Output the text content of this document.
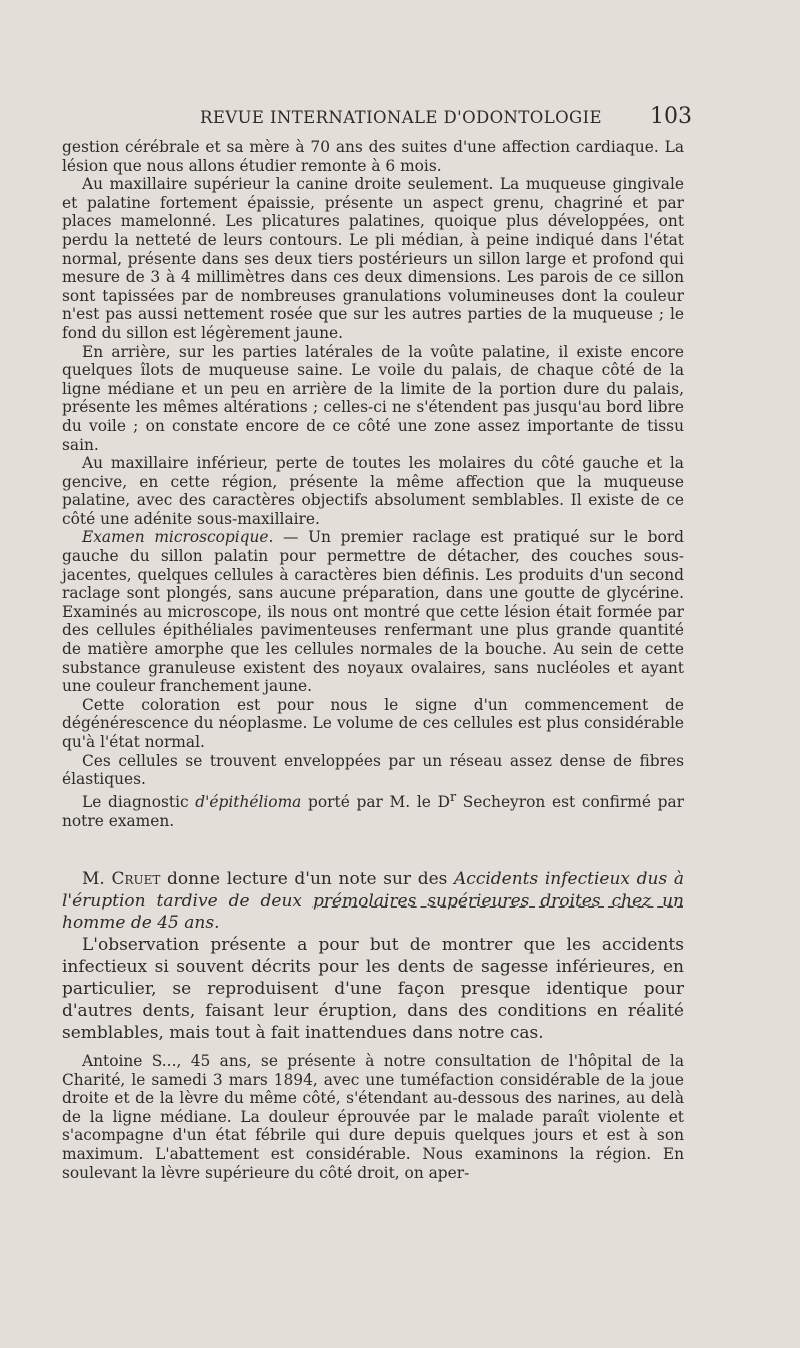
REVUE INTERNATIONALE D'ODONTOLOGIE 103

gestion cérébrale et sa mère à 70 ans des suites d'une affection cardiaque. La lésion que nous allons étudier remonte à 6 mois.

Au maxillaire supérieur la canine droite seulement. La muqueuse gingivale et palatine fortement épaissie, présente un aspect grenu, chagriné et par places mamelonné. Les plicatures palatines, quoique plus développées, ont perdu la netteté de leurs contours. Le pli médian, à peine indiqué dans l'état normal, présente dans ses deux tiers postérieurs un sillon large et profond qui mesure de 3 à 4 millimètres dans ces deux dimensions. Les parois de ce sillon sont tapissées par de nombreuses granulations volumineuses dont la couleur n'est pas aussi nettement rosée que sur les autres parties de la muqueuse ; le fond du sillon est légèrement jaune.

En arrière, sur les parties latérales de la voûte palatine, il existe encore quelques îlots de muqueuse saine. Le voile du palais, de chaque côté de la ligne médiane et un peu en arrière de la limite de la portion dure du palais, présente les mêmes altérations ; celles-ci ne s'étendent pas jusqu'au bord libre du voile ; on constate encore de ce côté une zone assez importante de tissu sain.

Au maxillaire inférieur, perte de toutes les molaires du côté gauche et la gencive, en cette région, présente la même affection que la muqueuse palatine, avec des caractères objectifs absolument semblables. Il existe de ce côté une adénite sous-maxillaire.

Examen microscopique. — Un premier raclage est pratiqué sur le bord gauche du sillon palatin pour permettre de détacher, des couches sous-jacentes, quelques cellules à caractères bien définis. Les produits d'un second raclage sont plongés, sans aucune préparation, dans une goutte de glycérine. Examinés au microscope, ils nous ont montré que cette lésion était formée par des cellules épithéliales pavimenteuses renfermant une plus grande quantité de matière amorphe que les cellules normales de la bouche. Au sein de cette substance granuleuse existent des noyaux ovalaires, sans nucléoles et ayant une couleur franchement jaune.

Cette coloration est pour nous le signe d'un commencement de dégénérescence du néoplasme. Le volume de ces cellules est plus considérable qu'à l'état normal.

Ces cellules se trouvent enveloppées par un réseau assez dense de fibres élastiques.

Le diagnostic d'épithélioma porté par M. le $D^r$ Secheyron est confirmé par notre examen.

M. Cruet donne lecture d'un note sur des Accidents infectieux dus à l'éruption tardive de deux prémolaires supérieures droites chez un homme de 45 ans.

L'observation présente a pour but de montrer que les accidents infectieux si souvent décrits pour les dents de sagesse inférieures, en particulier, se reproduisent d'une façon presque identique pour d'autres dents, faisant leur éruption, dans des conditions en réalité semblables, mais tout à fait inattendues dans notre cas.

Antoine S..., 45 ans, se présente à notre consultation de l'hôpital de la Charité, le samedi 3 mars 1894, avec une tuméfaction considérable de la joue droite et de la lèvre du même côté, s'étendant au-dessous des narines, au delà de la ligne médiane. La douleur éprouvée par le malade paraît violente et s'acompagne d'un état fébrile qui dure depuis quelques jours et est à son maximum. L'abattement est considérable. Nous examinons la région. En soulevant la lèvre supérieure du côté droit, on aper-
